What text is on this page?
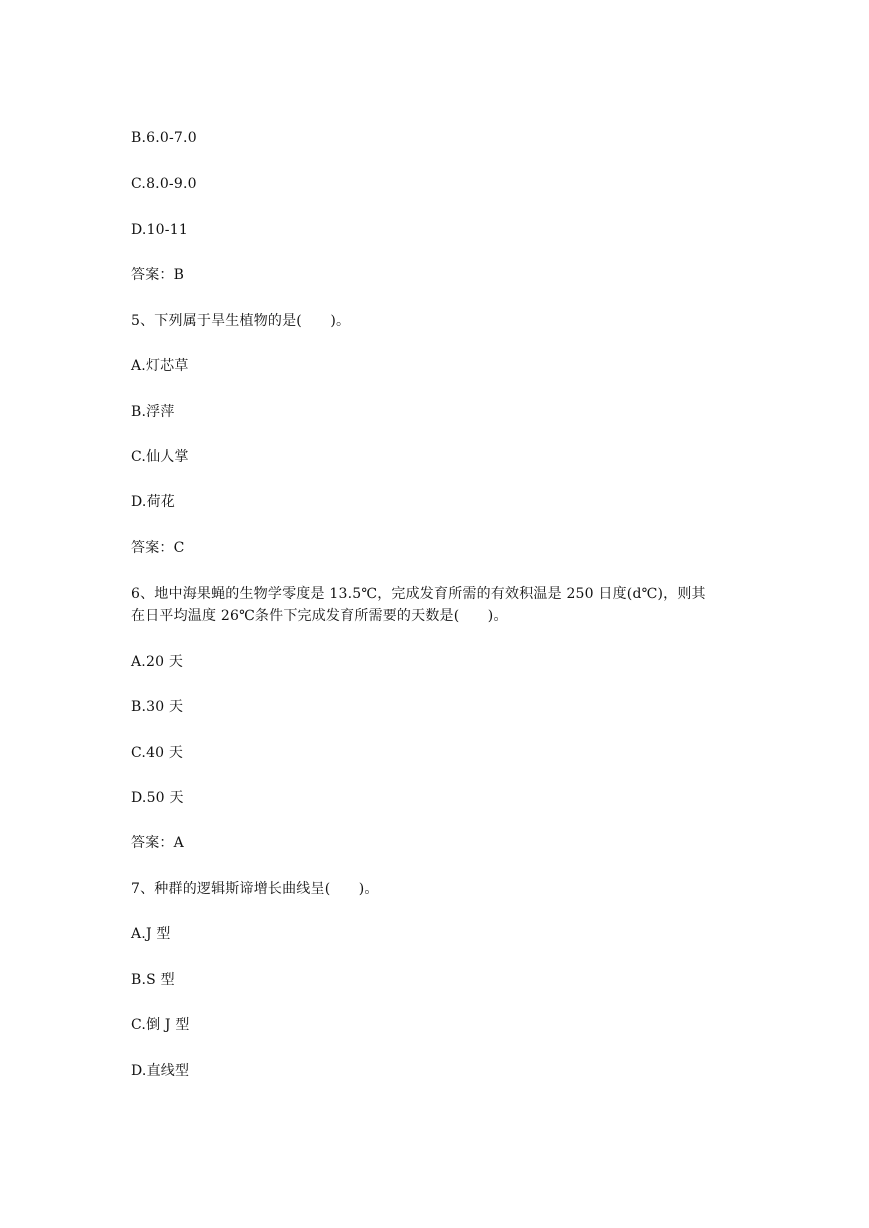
B.6.0-7.0

C.8.0-9.0

D.10-11

答案：B

5、下列属于旱生植物的是(　　)。

A.灯芯草

B.浮萍

C.仙人掌

D.荷花

答案：C

6、地中海果蝇的生物学零度是 13.5℃，完成发育所需的有效积温是 250 日度(d℃)，则其

在日平均温度 26℃条件下完成发育所需要的天数是(　　)。

A.20 天

B.30 天

C.40 天

D.50 天

答案：A

7、种群的逻辑斯谛增长曲线呈(　　)。

A.J 型

B.S 型

C.倒 J 型

D.直线型
